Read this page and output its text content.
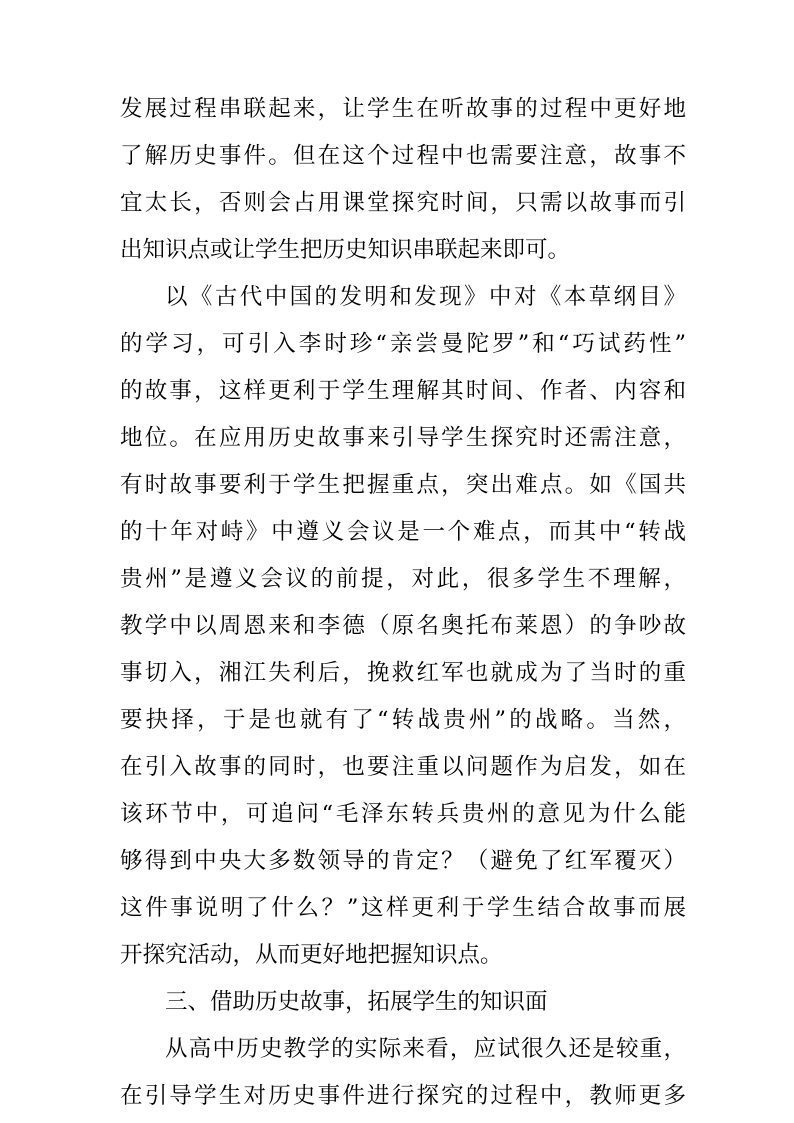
发展过程串联起来，让学生在听故事的过程中更好地
了解历史事件。但在这个过程中也需要注意，故事不
宜太长，否则会占用课堂探究时间，只需以故事而引
出知识点或让学生把历史知识串联起来即可。
以《古代中国的发明和发现》中对《本草纲目》
的学习，可引入李时珍“亲尝曼陀罗”和“巧试药性”
的故事，这样更利于学生理解其时间、作者、内容和
地位。在应用历史故事来引导学生探究时还需注意，
有时故事要利于学生把握重点，突出难点。如《国共
的十年对峙》中遵义会议是一个难点，而其中“转战
贵州”是遵义会议的前提，对此，很多学生不理解，
教学中以周恩来和李德（原名奥托布莱恩）的争吵故
事切入，湘江失利后，挽救红军也就成为了当时的重
要抉择，于是也就有了“转战贵州”的战略。当然，
在引入故事的同时，也要注重以问题作为启发，如在
该环节中，可追问“毛泽东转兵贵州的意见为什么能
够得到中央大多数领导的肯定？（避免了红军覆灭）
这件事说明了什么？”这样更利于学生结合故事而展
开探究活动，从而更好地把握知识点。
三、借助历史故事，拓展学生的知识面
从高中历史教学的实际来看，应试很久还是较重，
在引导学生对历史事件进行探究的过程中，教师更多
